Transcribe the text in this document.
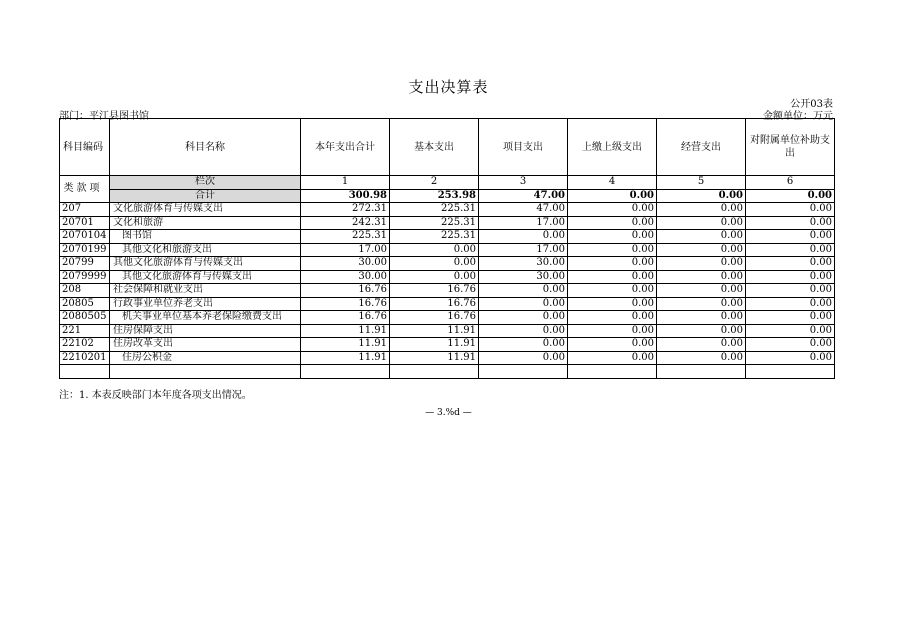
支出决算表
公开03表
部门：平江县图书馆	金额单位：万元
科目编码	科目名称	本年支出合计	基本支出	项目支出	上缴上级支出	经营支出	对附属单位补助支出
类 款 项	栏次	1	2	3	4	5	6
	合计	300.98	253.98	47.00	0.00	0.00	0.00
207	文化旅游体育与传媒支出	272.31	225.31	47.00	0.00	0.00	0.00
20701	文化和旅游	242.31	225.31	17.00	0.00	0.00	0.00
2070104	图书馆	225.31	225.31	0.00	0.00	0.00	0.00
2070199	其他文化和旅游支出	17.00	0.00	17.00	0.00	0.00	0.00
20799	其他文化旅游体育与传媒支出	30.00	0.00	30.00	0.00	0.00	0.00
2079999	其他文化旅游体育与传媒支出	30.00	0.00	30.00	0.00	0.00	0.00
208	社会保障和就业支出	16.76	16.76	0.00	0.00	0.00	0.00
20805	行政事业单位养老支出	16.76	16.76	0.00	0.00	0.00	0.00
2080505	机关事业单位基本养老保险缴费支出	16.76	16.76	0.00	0.00	0.00	0.00
221	住房保障支出	11.91	11.91	0.00	0.00	0.00	0.00
22102	住房改革支出	11.91	11.91	0.00	0.00	0.00	0.00
2210201	住房公积金	11.91	11.91	0.00	0.00	0.00	0.00

注：1. 本表反映部门本年度各项支出情况。
— 3.%d —
